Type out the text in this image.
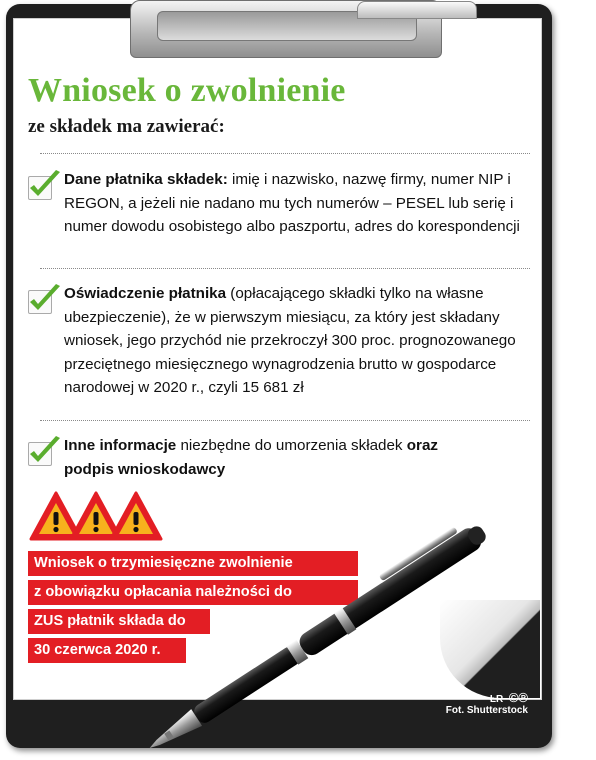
Wniosek o zwolnienie
ze składek ma zawierać:

Dane płatnika składek: imię i nazwisko, nazwę firmy, numer NIP i REGON, a jeżeli nie nadano mu tych numerów – PESEL lub serię i numer dowodu osobistego albo paszportu, adres do korespondencji

Oświadczenie płatnika (opłacającego składki tylko na własne ubezpieczenie), że w pierwszym miesiącu, za który jest składany wniosek, jego przychód nie przekroczył 300 proc. prognozowanego przeciętnego miesięcznego wynagrodzenia brutto w gospodarce narodowej w 2020 r., czyli 15 681 zł

Inne informacje niezbędne do umorzenia składek oraz podpis wnioskodawcy

Wniosek o trzymiesięczne zwolnienie
z obowiązku opłacania należności do
ZUS płatnik składa do
30 czerwca 2020 r.
ŁR ©℗
Fot. Shutterstock
